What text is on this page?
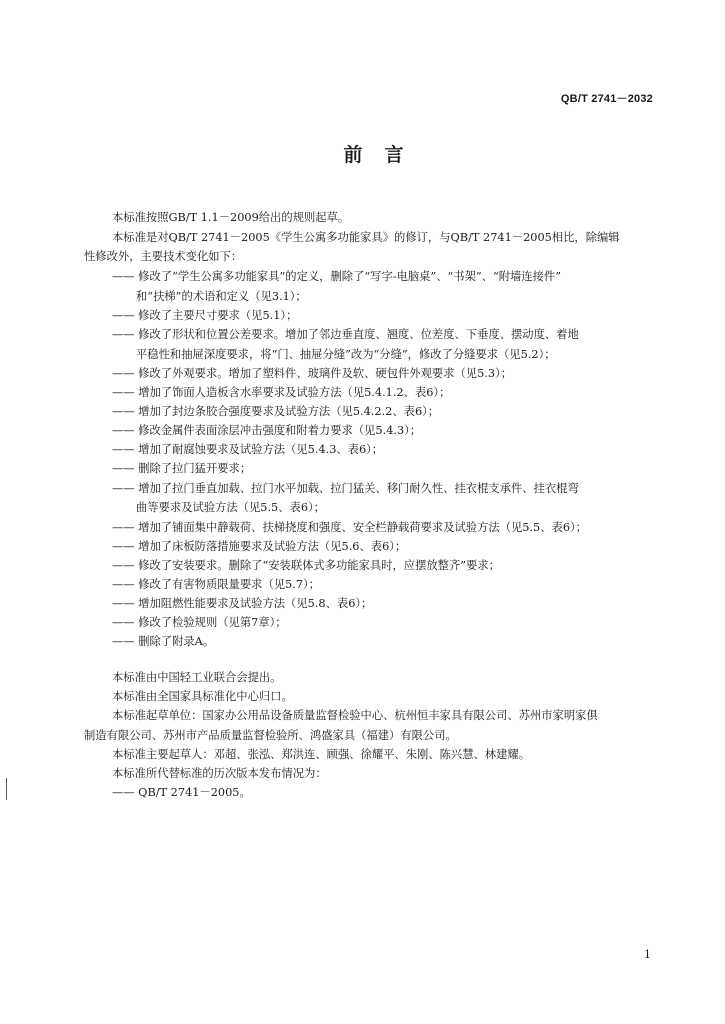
QB/T 2741－2032
前言
本标准按照GB/T 1.1－2009给出的规则起草。
本标准是对QB/T 2741－2005《学生公寓多功能家具》的修订，与QB/T 2741－2005相比，除编辑
性修改外，主要技术变化如下：
—— 修改了“学生公寓多功能家具”的定义，删除了“写字-电脑桌”、“书架”、“附墙连接件”
和“扶梯”的术语和定义（见3.1）；
—— 修改了主要尺寸要求（见5.1）；
—— 修改了形状和位置公差要求。增加了邻边垂直度、翘度、位差度、下垂度、摆动度、着地
平稳性和抽屉深度要求，将“门、抽屉分缝”改为“分缝”，修改了分缝要求（见5.2）；
—— 修改了外观要求。增加了塑料件、玻璃件及软、硬包件外观要求（见5.3）；
—— 增加了饰面人造板含水率要求及试验方法（见5.4.1.2、表6）；
—— 增加了封边条胶合强度要求及试验方法（见5.4.2.2、表6）；
—— 修改金属件表面涂层冲击强度和附着力要求（见5.4.3）；
—— 增加了耐腐蚀要求及试验方法（见5.4.3、表6）；
—— 删除了拉门猛开要求；
—— 增加了拉门垂直加载、拉门水平加载、拉门猛关、移门耐久性、挂衣棍支承件、挂衣棍弯
曲等要求及试验方法（见5.5、表6）；
—— 增加了铺面集中静载荷、扶梯挠度和强度、安全栏静载荷要求及试验方法（见5.5、表6）；
—— 增加了床板防落措施要求及试验方法（见5.6、表6）；
—— 修改了安装要求。删除了“安装联体式多功能家具时，应摆放整齐”要求；
—— 修改了有害物质限量要求（见5.7）；
—— 增加阻燃性能要求及试验方法（见5.8、表6）；
—— 修改了检验规则（见第7章）；
—— 删除了附录A。
本标准由中国轻工业联合会提出。
本标准由全国家具标准化中心归口。
本标准起草单位：国家办公用品设备质量监督检验中心、杭州恒丰家具有限公司、苏州市家明家俱
制造有限公司、苏州市产品质量监督检验所、鸿盛家具（福建）有限公司。
本标准主要起草人：邓超、张泓、郑洪连、顾强、徐耀平、朱刚、陈兴慧、林建耀。
本标准所代替标准的历次版本发布情况为：
—— QB/T 2741－2005。
1
